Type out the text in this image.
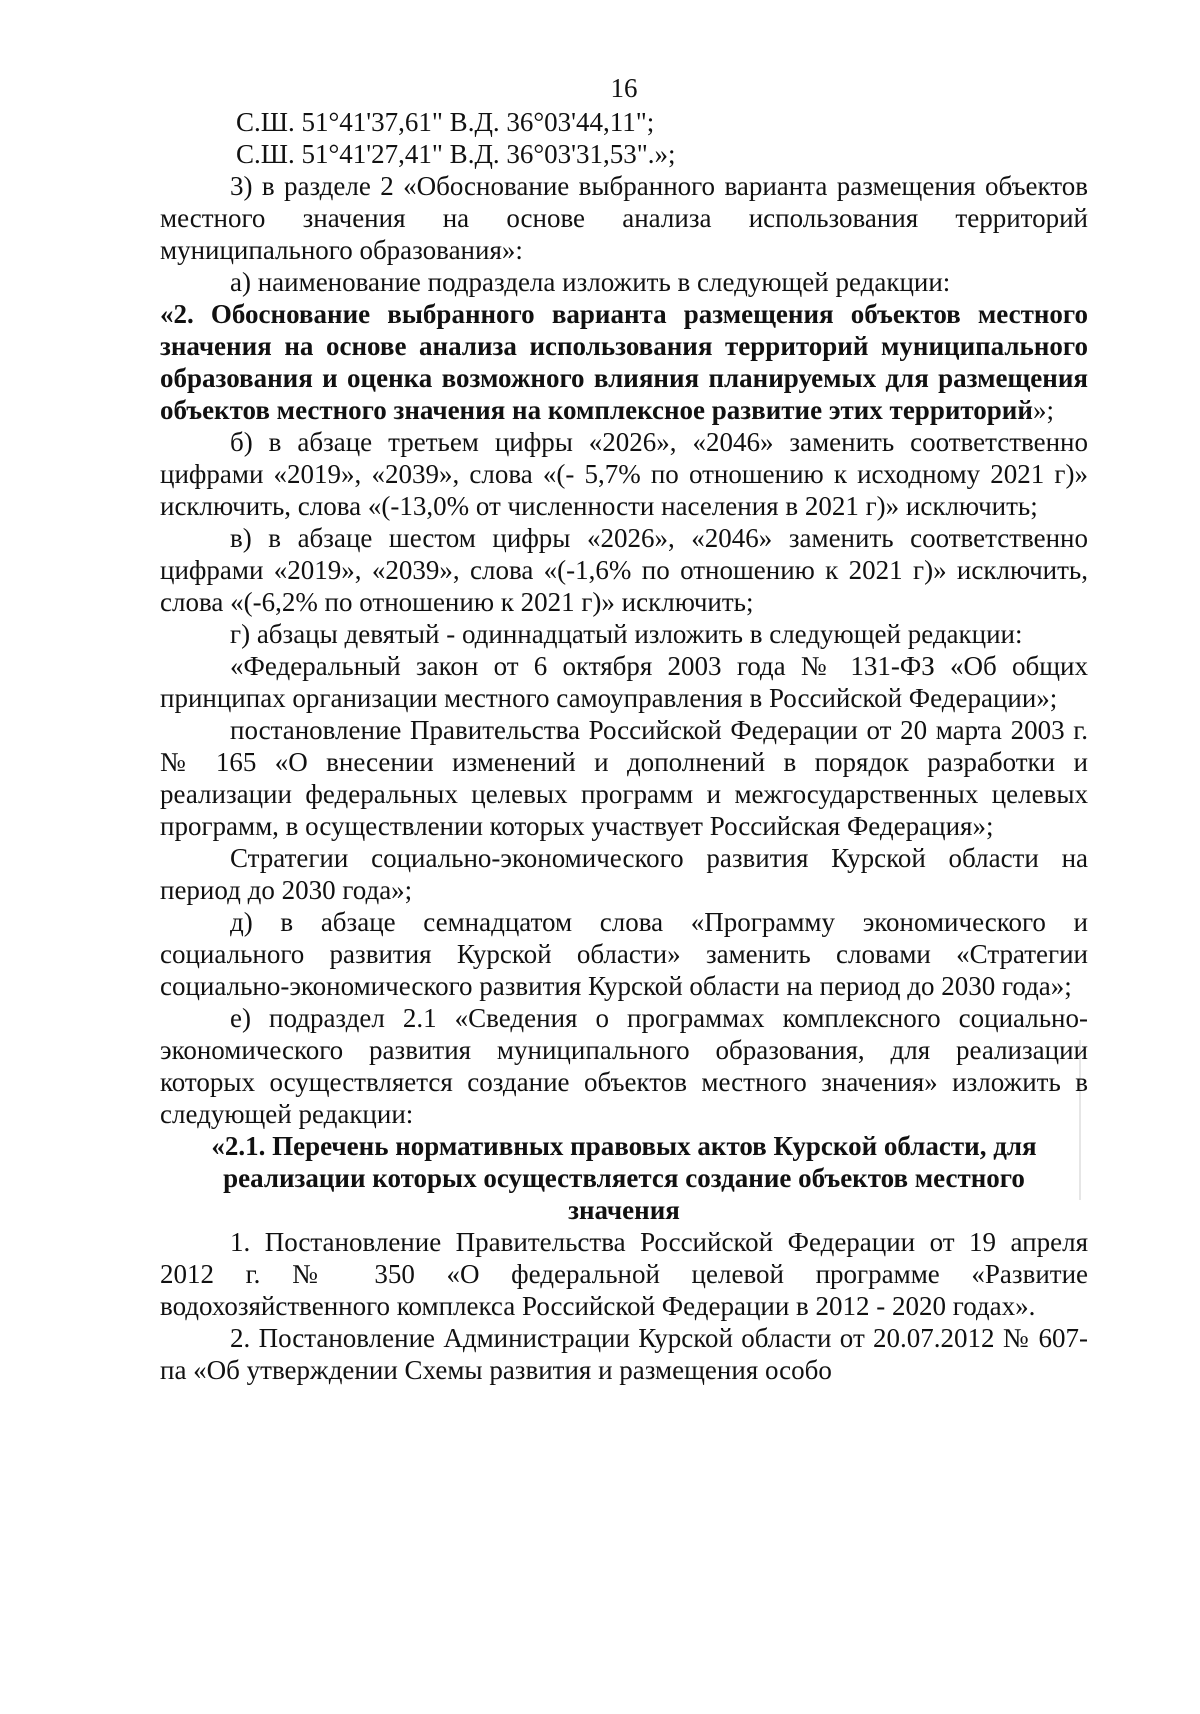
16

С.Ш. 51°41'37,61" В.Д. 36°03'44,11";

С.Ш. 51°41'27,41" В.Д. 36°03'31,53".»;

3) в разделе 2 «Обоснование выбранного варианта размещения объектов местного значения на основе анализа использования территорий муниципального образования»:

а) наименование подраздела изложить в следующей редакции:

«2. Обоснование выбранного варианта размещения объектов местного значения на основе анализа использования территорий муниципального образования и оценка возможного влияния планируемых для размещения объектов местного значения на комплексное развитие этих территорий»;

б) в абзаце третьем цифры «2026», «2046» заменить соответственно цифрами «2019», «2039», слова «(- 5,7% по отношению к исходному 2021 г)» исключить, слова «(-13,0% от численности населения в 2021 г)» исключить;

в) в абзаце шестом цифры «2026», «2046» заменить соответственно цифрами «2019», «2039», слова «(-1,6% по отношению к 2021 г)» исключить, слова «(-6,2% по отношению к 2021 г)» исключить;

г) абзацы девятый - одиннадцатый изложить в следующей редакции:

«Федеральный закон от 6 октября 2003 года № 131-ФЗ «Об общих принципах организации местного самоуправления в Российской Федерации»;

постановление Правительства Российской Федерации от 20 марта 2003 г. № 165 «О внесении изменений и дополнений в порядок разработки и реализации федеральных целевых программ и межгосударственных целевых программ, в осуществлении которых участвует Российская Федерация»;

Стратегии социально-экономического развития Курской области на период до 2030 года»;

д) в абзаце семнадцатом слова «Программу экономического и социального развития Курской области» заменить словами «Стратегии социально-экономического развития Курской области на период до 2030 года»;

е) подраздел 2.1 «Сведения о программах комплексного социально-экономического развития муниципального образования, для реализации которых осуществляется создание объектов местного значения» изложить в следующей редакции:

«2.1. Перечень нормативных правовых актов Курской области, для реализации которых осуществляется создание объектов местного значения

1. Постановление Правительства Российской Федерации от 19 апреля 2012 г. № 350 «О федеральной целевой программе «Развитие водохозяйственного комплекса Российской Федерации в 2012 - 2020 годах».

2. Постановление Администрации Курской области от 20.07.2012 № 607-па «Об утверждении Схемы развития и размещения особо
